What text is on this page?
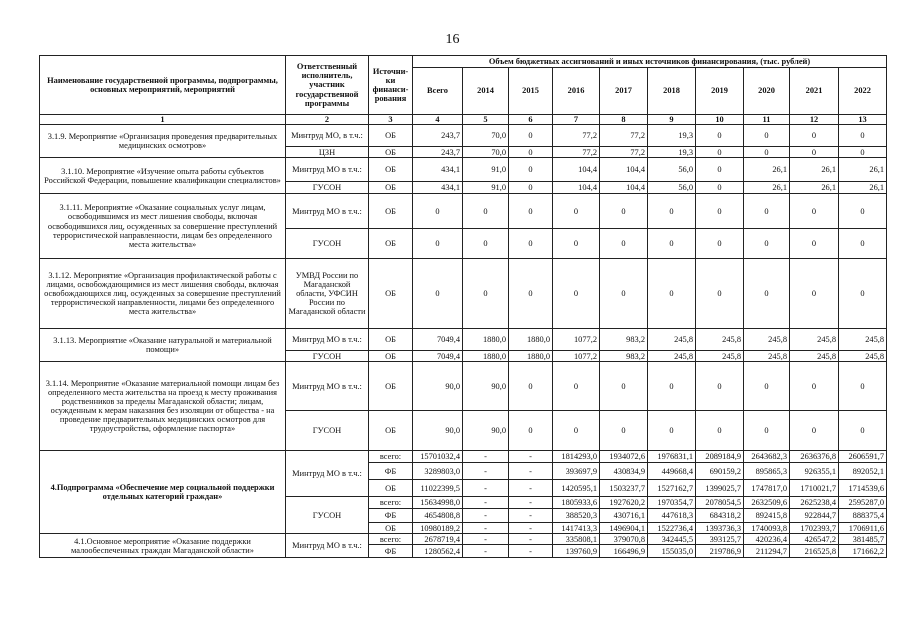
16
Наименование государственной программы, подпрограммы, основных мероприятий, мероприятий	Ответственный исполнитель, участник государственной программы	Источни-ки финанси-рования	Объем бюджетных ассигнований и иных источников финансирования, (тыс. рублей)									
			Всего	2014	2015	2016	2017	2018	2019	2020	2021	2022
1	2	3	4	5	6	7	8	9	10	11	12	13
3.1.9. Мероприятие «Организация проведения предварительных медицинских осмотров»	Минтруд МО, в т.ч.:	ОБ	243,7	70,0	0	77,2	77,2	19,3	0	0	0	0
	ЦЗН	ОБ	243,7	70,0	0	77,2	77,2	19,3	0	0	0	0
3.1.10. Мероприятие «Изучение опыта работы субъектов Российской Федерации, повышение квалификации специалистов»	Минтруд МО в т.ч.:	ОБ	434,1	91,0	0	104,4	104,4	56,0	0	26,1	26,1	26,1
	ГУСОН	ОБ	434,1	91,0	0	104,4	104,4	56,0	0	26,1	26,1	26,1
3.1.11. Мероприятие «Оказание социальных услуг лицам, освободившимся из мест лишения свободы, включая освободившихся лиц, осужденных за совершение преступлений террористической направленности, лицам без определенного места жительства»	Минтруд МО в т.ч.:	ОБ	0	0	0	0	0	0	0	0	0	0
	ГУСОН	ОБ	0	0	0	0	0	0	0	0	0	0
3.1.12. Мероприятие «Организация профилактической работы с лицами, освобождающимися из мест лишения свободы, включая освобождающихся лиц, осужденных за совершение преступлений террористической направленности, лицами без определенного места жительства»	УМВД России по Магаданской области, УФСИН России по Магаданской области	ОБ	0	0	0	0	0	0	0	0	0	0
3.1.13. Мероприятие «Оказание натуральной и материальной помощи»	Минтруд МО в т.ч.:	ОБ	7049,4	1880,0	1880,0	1077,2	983,2	245,8	245,8	245,8	245,8	245,8
	ГУСОН	ОБ	7049,4	1880,0	1880,0	1077,2	983,2	245,8	245,8	245,8	245,8	245,8
3.1.14. Мероприятие «Оказание материальной помощи лицам без определенного места жительства на проезд к месту проживания родственников за пределы Магаданской области; лицам, осужденным к мерам наказания без изоляции от общества - на проведение предварительных медицинских осмотров для трудоустройства, оформление паспорта»	Минтруд МО в т.ч.:	ОБ	90,0	90,0	0	0	0	0	0	0	0	0
	ГУСОН	ОБ	90,0	90,0	0	0	0	0	0	0	0	0
4.Подпрограмма «Обеспечение мер социальной поддержки отдельных категорий граждан»	Минтруд МО в т.ч.:	всего:	15701032,4	-	-	1814293,0	1934072,6	1976831,1	2089184,9	2643682,3	2636376,8	2606591,7
		ФБ	3289803,0	-	-	393697,9	430834,9	449668,4	690159,2	895865,3	926355,1	892052,1
		ОБ	11022399,5	-	-	1420595,1	1503237,7	1527162,7	1399025,7	1747817,0	1710021,7	1714539,6
	ГУСОН	всего:	15634998,0	-	-	1805933,6	1927620,2	1970354,7	2078054,5	2632509,6	2625238,4	2595287,0
		ФБ	4654808,8	-	-	388520,3	430716,1	447618,3	684318,2	892415,8	922844,7	888375,4
		ОБ	10980189,2	-	-	1417413,3	1496904,1	1522736,4	1393736,3	1740093,8	1702393,7	1706911,6
4.1.Основное мероприятие «Оказание поддержки малообеспеченных граждан Магаданской области»	Минтруд МО в т.ч.:	всего:	2678719,4	-	-	335808,1	379070,8	342445,5	393125,7	420236,4	426547,2	381485,7
		ФБ	1280562,4	-	-	139760,9	166496,9	155035,0	219786,9	211294,7	216525,8	171662,2
